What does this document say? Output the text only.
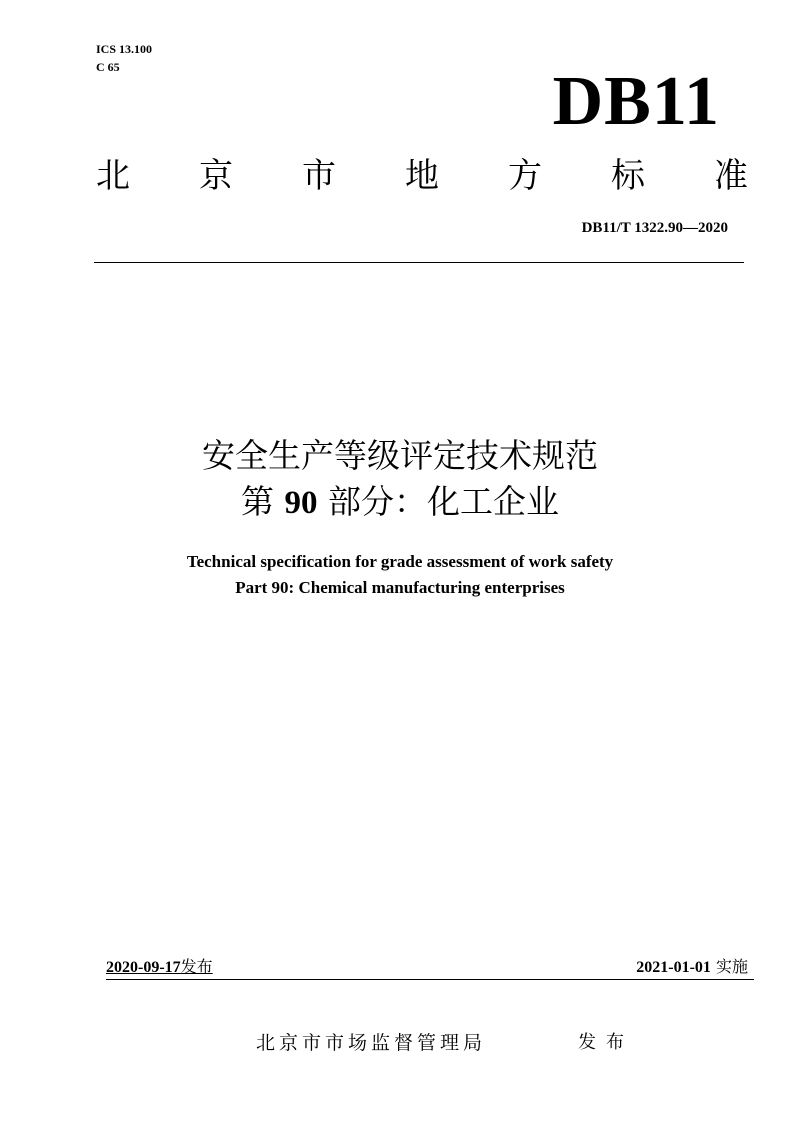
ICS 13.100
C 65	DB11
北 京 市 地 方 标 准
DB11/T 1322.90—2020
安全生产等级评定技术规范
第 90 部分：化工企业
Technical specification for grade assessment of work safety
Part 90: Chemical manufacturing enterprises
2020-09-17发布	2021-01-01 实施
北京市市场监督管理局	发布
